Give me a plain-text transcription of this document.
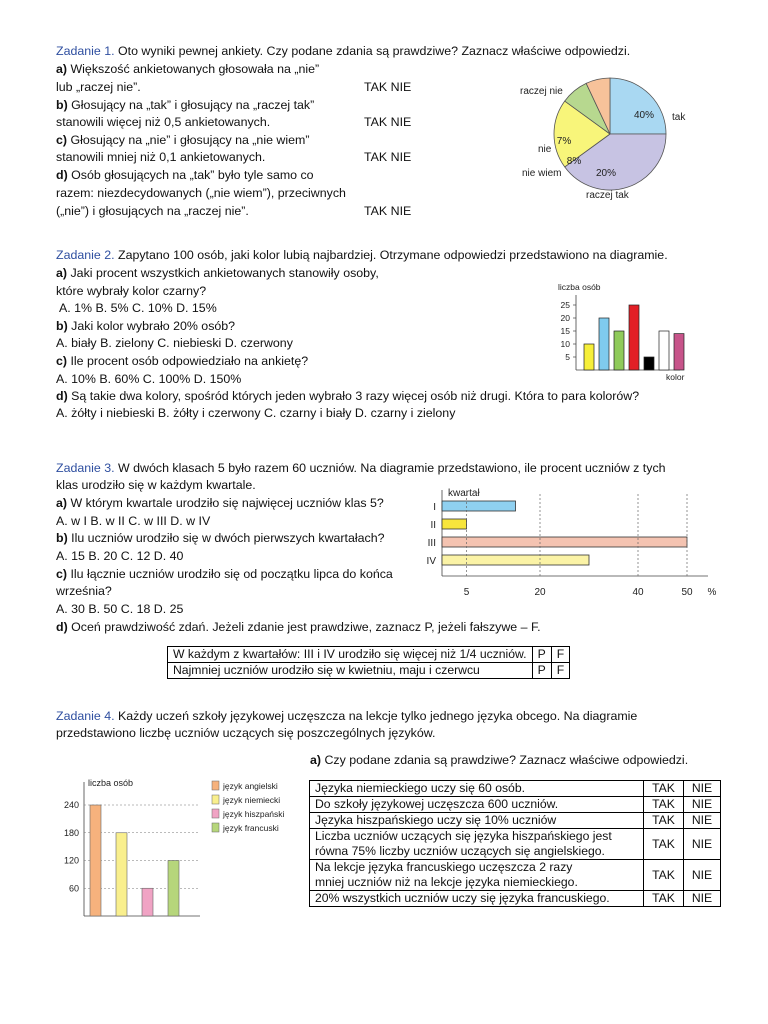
Zadanie 1. Oto wyniki pewnej ankiety. Czy podane zdania są prawdziwe? Zaznacz właściwe odpowiedzi.
a) Większość ankietowanych głosowała na „nie”
lub „raczej nie”.	TAK NIE
b) Głosujący na „tak” i głosujący na „raczej tak”
stanowili więcej niż 0,5 ankietowanych.	TAK NIE
c) Głosujący na „nie” i głosujący na „nie wiem”
stanowili mniej niż 0,1 ankietowanych.	TAK NIE
d) Osób głosujących na „tak” było tyle samo co
razem: niezdecydowanych („nie wiem”), przeciwnych
(„nie”) i głosujących na „raczej nie”.	TAK NIE
40%
20%
8%
7%
raczej nie
tak
raczej tak
nie wiem
nie
Zadanie 2. Zapytano 100 osób, jaki kolor lubią najbardziej. Otrzymane odpowiedzi przedstawiono na diagramie.
a) Jaki procent wszystkich ankietowanych stanowiły osoby,
które wybrały kolor czarny?
A. 1% B. 5% C. 10% D. 15%
b) Jaki kolor wybrało 20% osób?
A. biały B. zielony C. niebieski D. czerwony
c) Ile procent osób odpowiedziało na ankietę?
A. 10% B. 60% C. 100% D. 150%
d) Są takie dwa kolory, spośród których jeden wybrało 3 razy więcej osób niż drugi. Która to para kolorów?
A. żółty i niebieski B. żółty i czerwony C. czarny i biały D. czarny i zielony
liczba osób
5
10
15
20
25
kolor
Zadanie 3. W dwóch klasach 5 było razem 60 uczniów. Na diagramie przedstawiono, ile procent uczniów z tych
klas urodziło się w każdym kwartale.
a) W którym kwartale urodziło się najwięcej uczniów klas 5?
A. w I B. w II C. w III D. w IV
b) Ilu uczniów urodziło się w dwóch pierwszych kwartałach?
A. 15 B. 20 C. 12 D. 40
c) Ilu łącznie uczniów urodziło się od początku lipca do końca
września?
A. 30 B. 50 C. 18 D. 25
d) Oceń prawdziwość zdań. Jeżeli zdanie jest prawdziwe, zaznacz P, jeżeli fałszywe – F.
W każdym z kwartałów: III i IV urodziło się więcej niż 1/4 uczniów.	P	F
Najmniej uczniów urodziło się w kwietniu, maju i czerwcu	P	F
kwartał
I
II
III
IV
5	20	40	50 %
Zadanie 4. Każdy uczeń szkoły językowej uczęszcza na lekcje tylko jednego języka obcego. Na diagramie
przedstawiono liczbę uczniów uczących się poszczególnych języków.
a) Czy podane zdania są prawdziwe? Zaznacz właściwe odpowiedzi.
Języka niemieckiego uczy się 60 osób.	TAK	NIE
Do szkoły językowej uczęszcza 600 uczniów.	TAK	NIE
Języka hiszpańskiego uczy się 10% uczniów	TAK	NIE

Liczba uczniów uczących się języka hiszpańskiego jest
równa 75% liczby uczniów uczących się angielskiego.	TAK	NIE

Na lekcje języka francuskiego uczęszcza 2 razy
mniej uczniów niż na lekcje języka niemieckiego.	TAK	NIE
20% wszystkich uczniów uczy się języka francuskiego.	TAK	NIE
liczba osób
60
120
180
240
język angielski
język niemiecki
język hiszpański
język francuski
